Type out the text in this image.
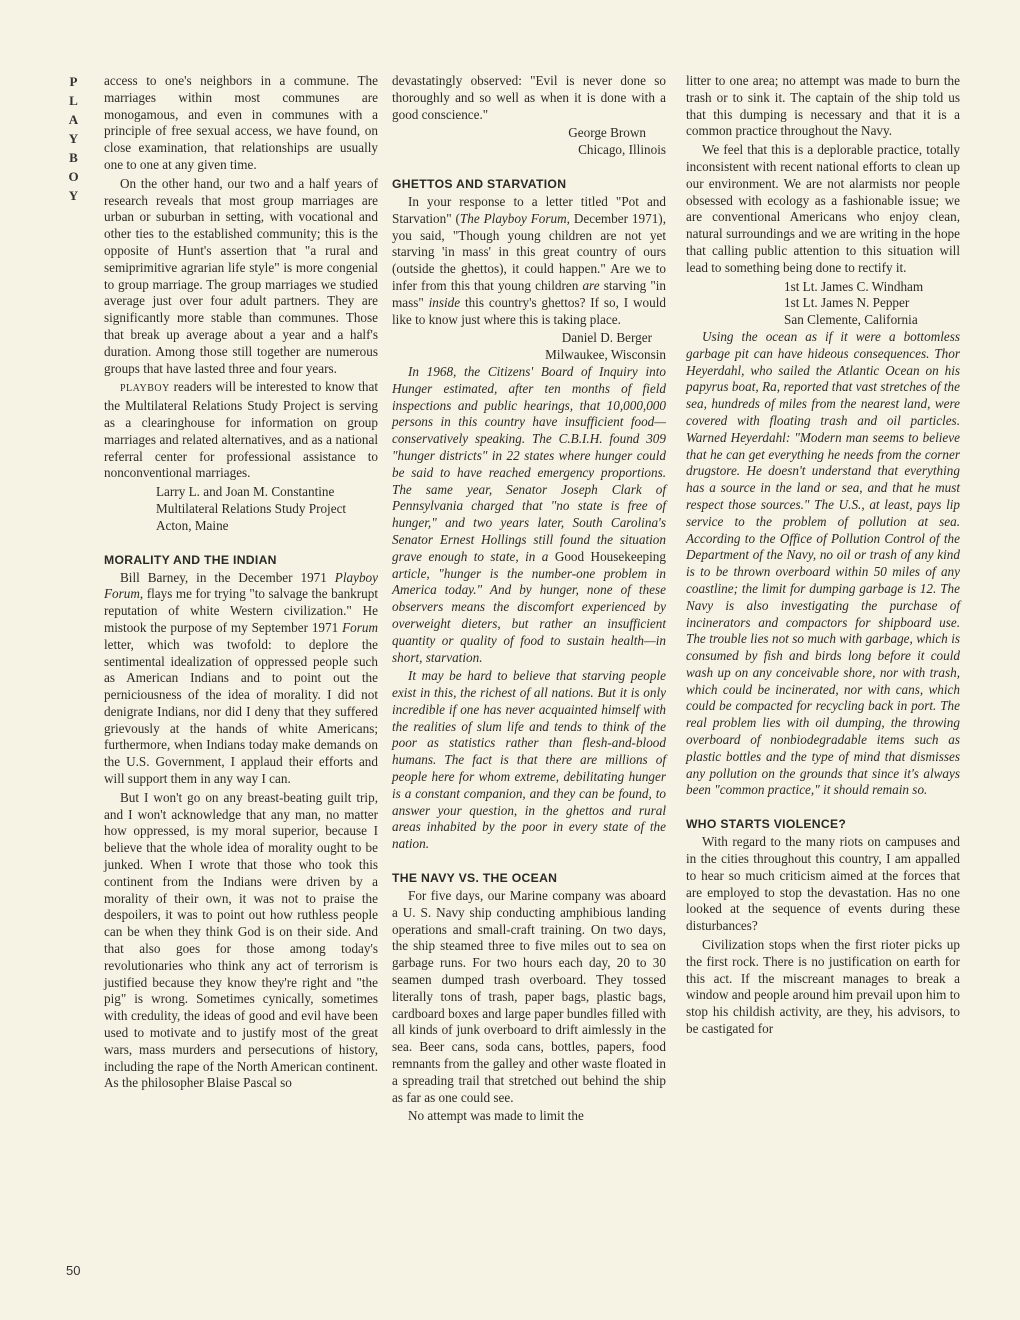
P
L
A
Y
B
O
Y
50

access to one's neighbors in a commune. The marriages within most communes are monogamous, and even in communes with a principle of free sexual access, we have found, on close examination, that relationships are usually one to one at any given time.

On the other hand, our two and a half years of research reveals that most group marriages are urban or suburban in setting, with vocational and other ties to the established community; this is the opposite of Hunt's assertion that "a rural and semiprimitive agrarian life style" is more congenial to group marriage. The group marriages we studied average just over four adult partners. They are significantly more stable than communes. Those that break up average about a year and a half's duration. Among those still together are numerous groups that have lasted three and four years.

PLAYBOY readers will be interested to know that the Multilateral Relations Study Project is serving as a clearinghouse for information on group marriages and related alternatives, and as a national referral center for professional assistance to nonconventional marriages.

Larry L. and Joan M. Constantine
Multilateral Relations Study Project
Acton, Maine
MORALITY AND THE INDIAN

Bill Barney, in the December 1971 Playboy Forum, flays me for trying "to salvage the bankrupt reputation of white Western civilization." He mistook the purpose of my September 1971 Forum letter, which was twofold: to deplore the sentimental idealization of oppressed people such as American Indians and to point out the perniciousness of the idea of morality. I did not denigrate Indians, nor did I deny that they suffered grievously at the hands of white Americans; furthermore, when Indians today make demands on the U.S. Government, I applaud their efforts and will support them in any way I can.

But I won't go on any breast-beating guilt trip, and I won't acknowledge that any man, no matter how oppressed, is my moral superior, because I believe that the whole idea of morality ought to be junked. When I wrote that those who took this continent from the Indians were driven by a morality of their own, it was not to praise the despoilers, it was to point out how ruthless people can be when they think God is on their side. And that also goes for those among today's revolutionaries who think any act of terrorism is justified because they know they're right and "the pig" is wrong. Sometimes cynically, sometimes with credulity, the ideas of good and evil have been used to motivate and to justify most of the great wars, mass murders and persecutions of history, including the rape of the North American continent. As the philosopher Blaise Pascal so

devastatingly observed: "Evil is never done so thoroughly and so well as when it is done with a good conscience."

George Brown
Chicago, Illinois
GHETTOS AND STARVATION

In your response to a letter titled "Pot and Starvation" (The Playboy Forum, December 1971), you said, "Though young children are not yet starving 'in mass' in this great country of ours (outside the ghettos), it could happen." Are we to infer from this that young children are starving "in mass" inside this country's ghettos? If so, I would like to know just where this is taking place.

Daniel D. Berger
Milwaukee, Wisconsin

In 1968, the Citizens' Board of Inquiry into Hunger estimated, after ten months of field inspections and public hearings, that 10,000,000 persons in this country have insufficient food—conservatively speaking. The C.B.I.H. found 309 "hunger districts" in 22 states where hunger could be said to have reached emergency proportions. The same year, Senator Joseph Clark of Pennsylvania charged that "no state is free of hunger," and two years later, South Carolina's Senator Ernest Hollings still found the situation grave enough to state, in a Good Housekeeping article, "hunger is the number-one problem in America today." And by hunger, none of these observers means the discomfort experienced by overweight dieters, but rather an insufficient quantity or quality of food to sustain health—in short, starvation.

It may be hard to believe that starving people exist in this, the richest of all nations. But it is only incredible if one has never acquainted himself with the realities of slum life and tends to think of the poor as statistics rather than flesh-and-blood humans. The fact is that there are millions of people here for whom extreme, debilitating hunger is a constant companion, and they can be found, to answer your question, in the ghettos and rural areas inhabited by the poor in every state of the nation.

THE NAVY VS. THE OCEAN

For five days, our Marine company was aboard a U. S. Navy ship conducting amphibious landing operations and small-craft training. On two days, the ship steamed three to five miles out to sea on garbage runs. For two hours each day, 20 to 30 seamen dumped trash overboard. They tossed literally tons of trash, paper bags, plastic bags, cardboard boxes and large paper bundles filled with all kinds of junk overboard to drift aimlessly in the sea. Beer cans, soda cans, bottles, papers, food remnants from the galley and other waste floated in a spreading trail that stretched out behind the ship as far as one could see.

No attempt was made to limit the

litter to one area; no attempt was made to burn the trash or to sink it. The captain of the ship told us that this dumping is necessary and that it is a common practice throughout the Navy.

We feel that this is a deplorable practice, totally inconsistent with recent national efforts to clean up our environment. We are not alarmists nor people obsessed with ecology as a fashionable issue; we are conventional Americans who enjoy clean, natural surroundings and we are writing in the hope that calling public attention to this situation will lead to something being done to rectify it.

1st Lt. James C. Windham
1st Lt. James N. Pepper
San Clemente, California

Using the ocean as if it were a bottomless garbage pit can have hideous consequences. Thor Heyerdahl, who sailed the Atlantic Ocean on his papyrus boat, Ra, reported that vast stretches of the sea, hundreds of miles from the nearest land, were covered with floating trash and oil particles. Warned Heyerdahl: "Modern man seems to believe that he can get everything he needs from the corner drugstore. He doesn't understand that everything has a source in the land or sea, and that he must respect those sources." The U.S., at least, pays lip service to the problem of pollution at sea. According to the Office of Pollution Control of the Department of the Navy, no oil or trash of any kind is to be thrown overboard within 50 miles of any coastline; the limit for dumping garbage is 12. The Navy is also investigating the purchase of incinerators and compactors for shipboard use. The trouble lies not so much with garbage, which is consumed by fish and birds long before it could wash up on any conceivable shore, nor with trash, which could be incinerated, nor with cans, which could be compacted for recycling back in port. The real problem lies with oil dumping, the throwing overboard of nonbiodegradable items such as plastic bottles and the type of mind that dismisses any pollution on the grounds that since it's always been "common practice," it should remain so.

WHO STARTS VIOLENCE?

With regard to the many riots on campuses and in the cities throughout this country, I am appalled to hear so much criticism aimed at the forces that are employed to stop the devastation. Has no one looked at the sequence of events during these disturbances?

Civilization stops when the first rioter picks up the first rock. There is no justification on earth for this act. If the miscreant manages to break a window and people around him prevail upon him to stop his childish activity, are they, his advisors, to be castigated for
